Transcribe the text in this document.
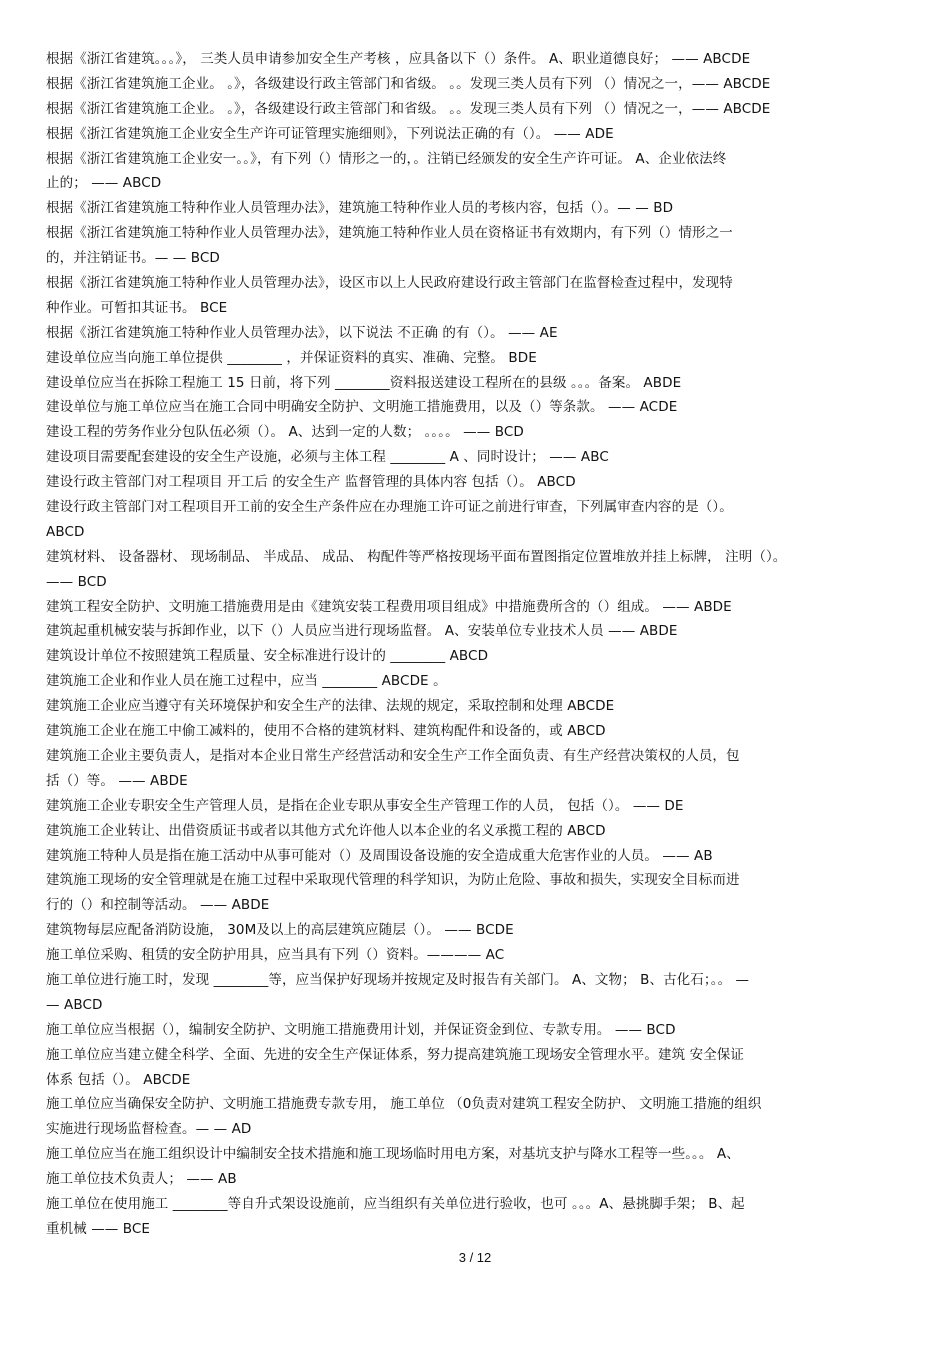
根据《浙江省建筑。。。》， 三类人员申请参加安全生产考核 ，应具备以下（）条件。 A、职业道德良好； —— ABCDE
根据《浙江省建筑施工企业。 。》，各级建设行政主管部门和省级。 。。发现三类人员有下列 （）情况之一，—— ABCDE
根据《浙江省建筑施工企业。 。》，各级建设行政主管部门和省级。 。。发现三类人员有下列 （）情况之一，—— ABCDE
根据《浙江省建筑施工企业安全生产许可证管理实施细则》，下列说法正确的有（）。 —— ADE
根据《浙江省建筑施工企业安一。。》，有下列（）情形之一的，。注销已经颁发的安全生产许可证。 A、企业依法终
止的； —— ABCD
根据《浙江省建筑施工特种作业人员管理办法》，建筑施工特种作业人员的考核内容，包括（）。— — BD
根据《浙江省建筑施工特种作业人员管理办法》，建筑施工特种作业人员在资格证书有效期内，有下列（）情形之一
的，并注销证书。— — BCD
根据《浙江省建筑施工特种作业人员管理办法》，设区市以上人民政府建设行政主管部门在监督检查过程中，发现特
种作业。可暂扣其证书。 BCE
根据《浙江省建筑施工特种作业人员管理办法》，以下说法 不正确 的有（）。 —— AE
建设单位应当向施工单位提供 ________ ，并保证资料的真实、准确、完整。 BDE
建设单位应当在拆除工程施工 15 日前，将下列 ________资料报送建设工程所在的县级 。。。备案。 ABDE
建设单位与施工单位应当在施工合同中明确安全防护、文明施工措施费用，以及（）等条款。 —— ACDE
建设工程的劳务作业分包队伍必须（）。 A、达到一定的人数； 。。。。 —— BCD
建设项目需要配套建设的安全生产设施，必须与主体工程 ________ A 、同时设计； —— ABC
建设行政主管部门对工程项目 开工后 的安全生产 监督管理的具体内容 包括（）。 ABCD
建设行政主管部门对工程项目开工前的安全生产条件应在办理施工许可证之前进行审查，下列属审查内容的是（）。
ABCD
建筑材料、 设备器材、 现场制品、 半成品、 成品、 构配件等严格按现场平面布置图指定位置堆放并挂上标牌， 注明（）。
—— BCD
建筑工程安全防护、文明施工措施费用是由《建筑安装工程费用项目组成》中措施费所含的（）组成。 —— ABDE
建筑起重机械安装与拆卸作业，以下（）人员应当进行现场监督。 A、安装单位专业技术人员 —— ABDE
建筑设计单位不按照建筑工程质量、安全标准进行设计的 ________ ABCD
建筑施工企业和作业人员在施工过程中，应当 ________ ABCDE 。
建筑施工企业应当遵守有关环境保护和安全生产的法律、法规的规定，采取控制和处理 ABCDE
建筑施工企业在施工中偷工减料的，使用不合格的建筑材料、建筑构配件和设备的，或 ABCD
建筑施工企业主要负责人，是指对本企业日常生产经营活动和安全生产工作全面负责、有生产经营决策权的人员，包
括（）等。 —— ABDE
建筑施工企业专职安全生产管理人员，是指在企业专职从事安全生产管理工作的人员， 包括（）。 —— DE
建筑施工企业转让、出借资质证书或者以其他方式允许他人以本企业的名义承揽工程的 ABCD
建筑施工特种人员是指在施工活动中从事可能对（）及周围设备设施的安全造成重大危害作业的人员。 —— AB
建筑施工现场的安全管理就是在施工过程中采取现代管理的科学知识，为防止危险、事故和损失，实现安全目标而进
行的（）和控制等活动。 —— ABDE
建筑物每层应配备消防设施， 30M及以上的高层建筑应随层（）。 —— BCDE
施工单位采购、租赁的安全防护用具，应当具有下列（）资料。———— AC
施工单位进行施工时，发现 ________等，应当保护好现场并按规定及时报告有关部门。 A、文物； B、古化石；。。 —
— ABCD
施工单位应当根据（），编制安全防护、文明施工措施费用计划，并保证资金到位、专款专用。 —— BCD
施工单位应当建立健全科学、全面、先进的安全生产保证体系，努力提高建筑施工现场安全管理水平。建筑 安全保证
体系 包括（）。 ABCDE
施工单位应当确保安全防护、文明施工措施费专款专用， 施工单位 （0负责对建筑工程安全防护、 文明施工措施的组织
实施进行现场监督检查。— — AD
施工单位应当在施工组织设计中编制安全技术措施和施工现场临时用电方案，对基坑支护与降水工程等一些。。。 A、
施工单位技术负责人； —— AB
施工单位在使用施工 ________等自升式架设设施前，应当组织有关单位进行验收，也可 。。。A、悬挑脚手架； B、起
重机械 —— BCE
3 / 12
